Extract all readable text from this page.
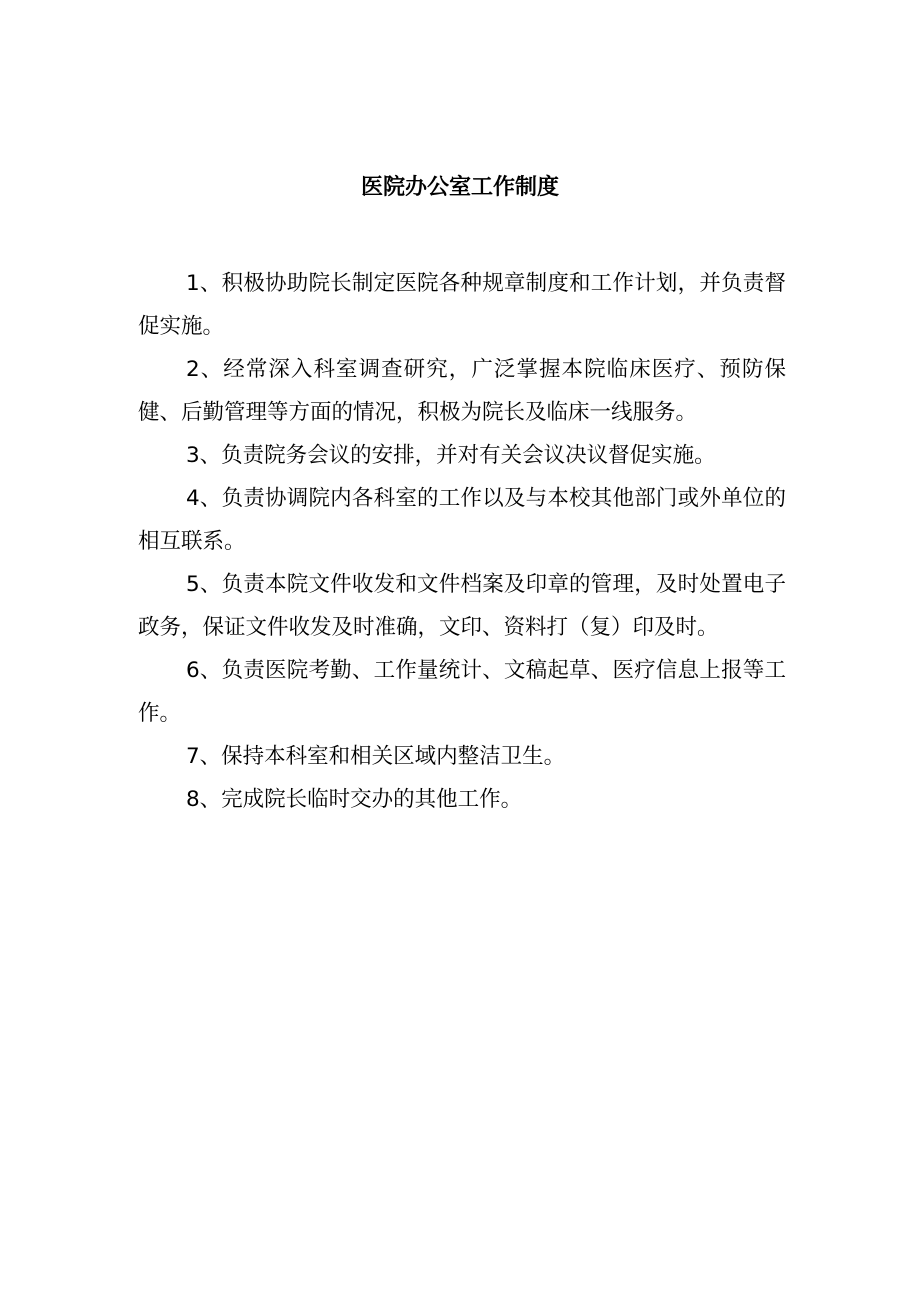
医院办公室工作制度

1、积极协助院长制定医院各种规章制度和工作计划，并负责督促实施。

2、经常深入科室调查研究，广泛掌握本院临床医疗、预防保健、后勤管理等方面的情况，积极为院长及临床一线服务。

3、负责院务会议的安排，并对有关会议决议督促实施。

4、负责协调院内各科室的工作以及与本校其他部门或外单位的相互联系。

5、负责本院文件收发和文件档案及印章的管理，及时处置电子政务，保证文件收发及时准确，文印、资料打（复）印及时。

6、负责医院考勤、工作量统计、文稿起草、医疗信息上报等工作。

7、保持本科室和相关区域内整洁卫生。

8、完成院长临时交办的其他工作。
